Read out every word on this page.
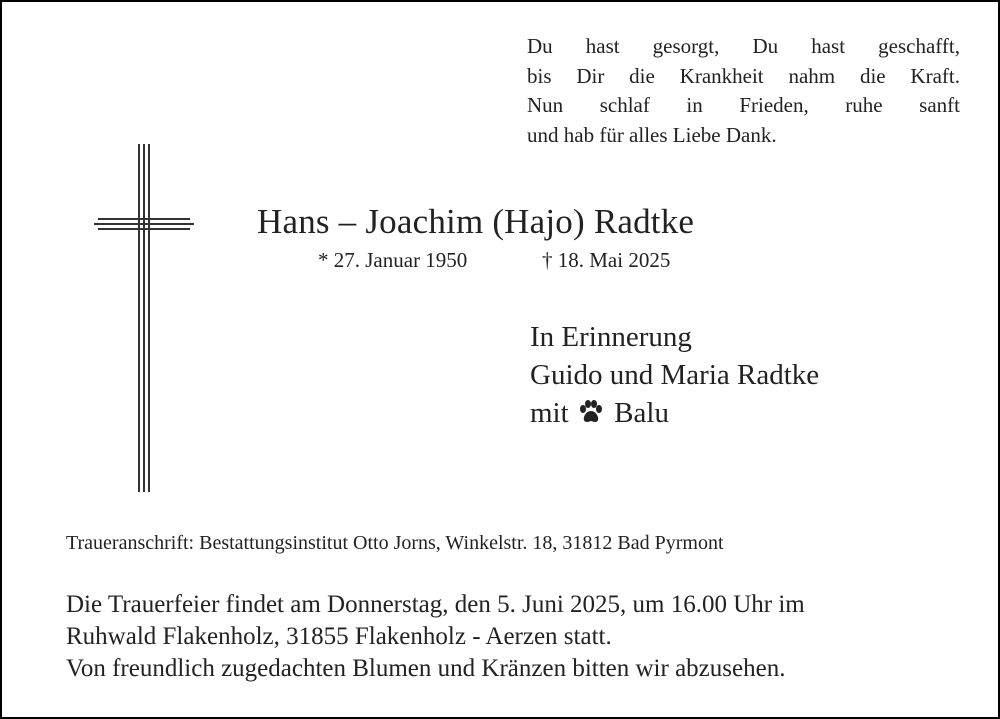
Du hast gesorgt, Du hast geschafft,
bis Dir die Krankheit nahm die Kraft.
Nun schlaf in Frieden, ruhe sanft
und hab für alles Liebe Dank.
Hans – Joachim (Hajo) Radtke
* 27. Januar 1950	† 18. Mai 2025
In Erinnerung
Guido und Maria Radtke
mit Balu
Traueranschrift: Bestattungsinstitut Otto Jorns, Winkelstr. 18, 31812 Bad Pyrmont
Die Trauerfeier findet am Donnerstag, den 5. Juni 2025, um 16.00 Uhr im
Ruhwald Flakenholz, 31855 Flakenholz - Aerzen statt.
Von freundlich zugedachten Blumen und Kränzen bitten wir abzusehen.
